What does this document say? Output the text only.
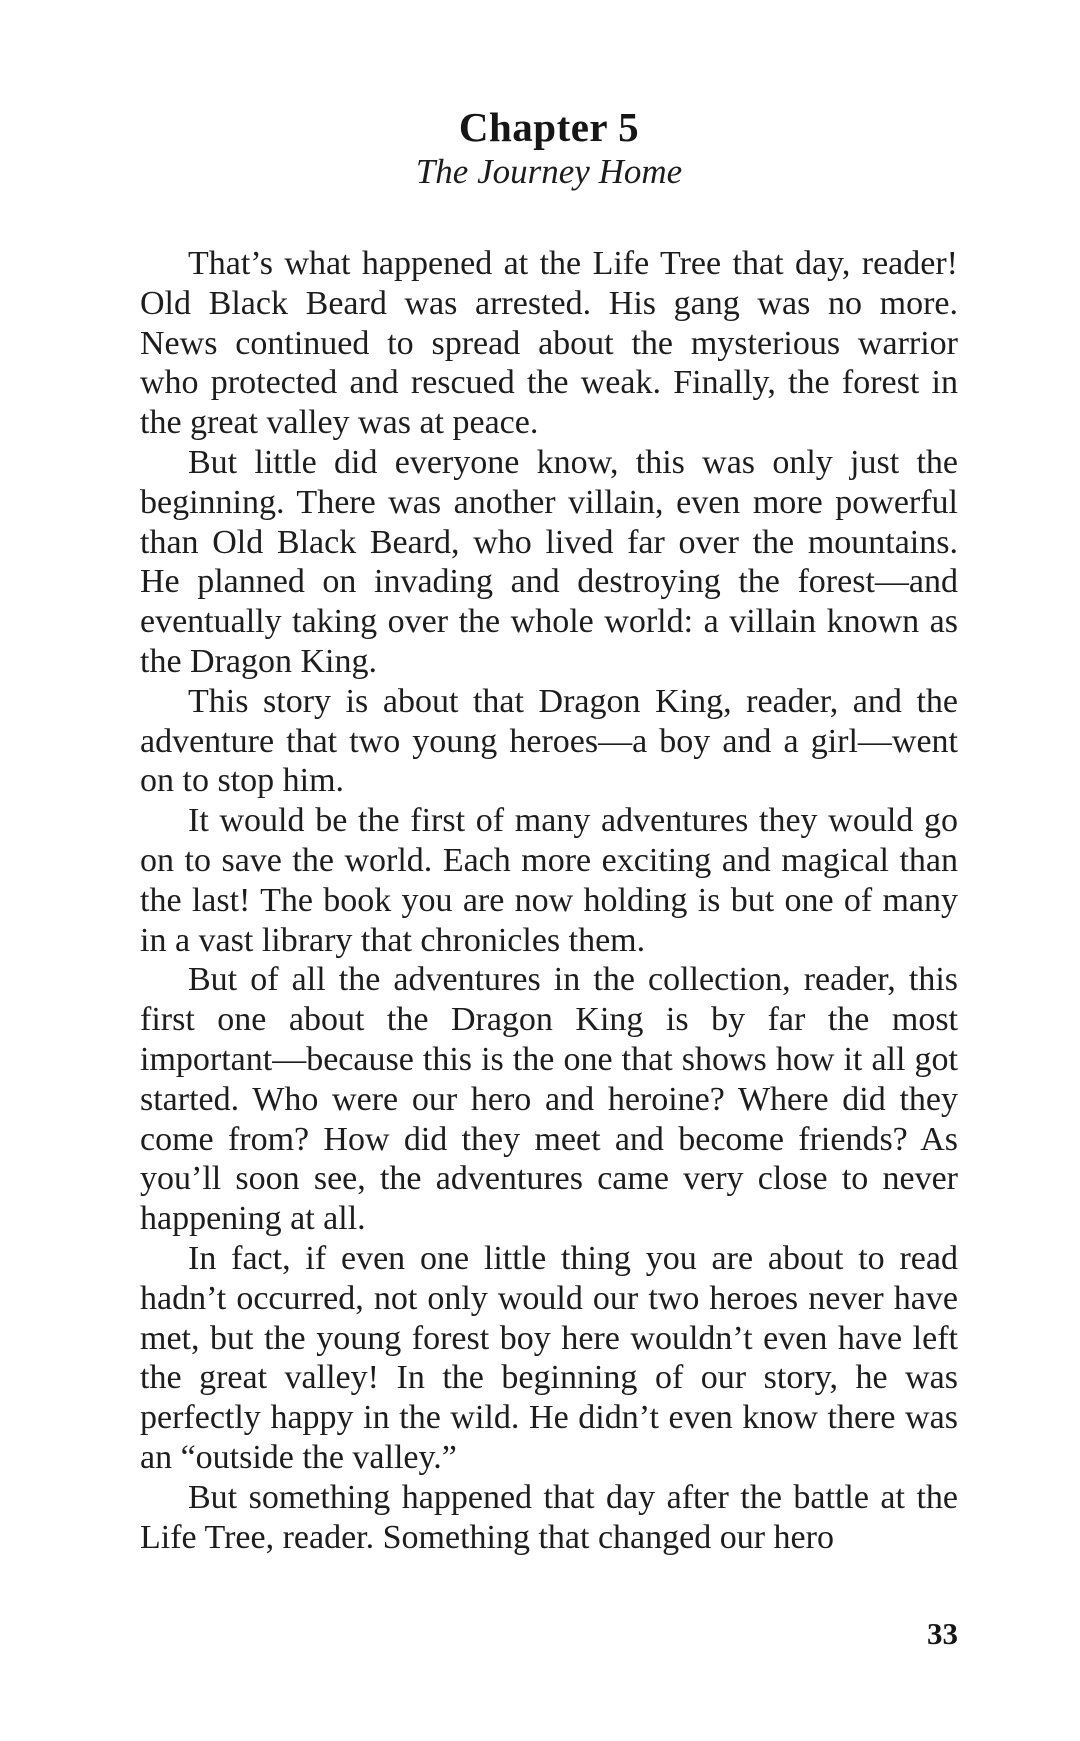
Chapter 5
The Journey Home

That’s what happened at the Life Tree that day, reader! Old Black Beard was arrested. His gang was no more. News continued to spread about the mysterious warrior who protected and rescued the weak. Finally, the forest in the great valley was at peace.

But little did everyone know, this was only just the beginning. There was another villain, even more powerful than Old Black Beard, who lived far over the mountains. He planned on invading and destroying the forest—and eventually taking over the whole world: a villain known as the Dragon King.

This story is about that Dragon King, reader, and the adventure that two young heroes—a boy and a girl—went on to stop him.

It would be the first of many adventures they would go on to save the world. Each more exciting and magical than the last! The book you are now holding is but one of many in a vast library that chronicles them.

But of all the adventures in the collection, reader, this first one about the Dragon King is by far the most important—because this is the one that shows how it all got started. Who were our hero and heroine? Where did they come from? How did they meet and become friends? As you’ll soon see, the adventures came very close to never happening at all.

In fact, if even one little thing you are about to read hadn’t occurred, not only would our two heroes never have met, but the young forest boy here wouldn’t even have left the great valley! In the beginning of our story, he was perfectly happy in the wild. He didn’t even know there was an “outside the valley.”

But something happened that day after the battle at the Life Tree, reader. Something that changed our hero

33
